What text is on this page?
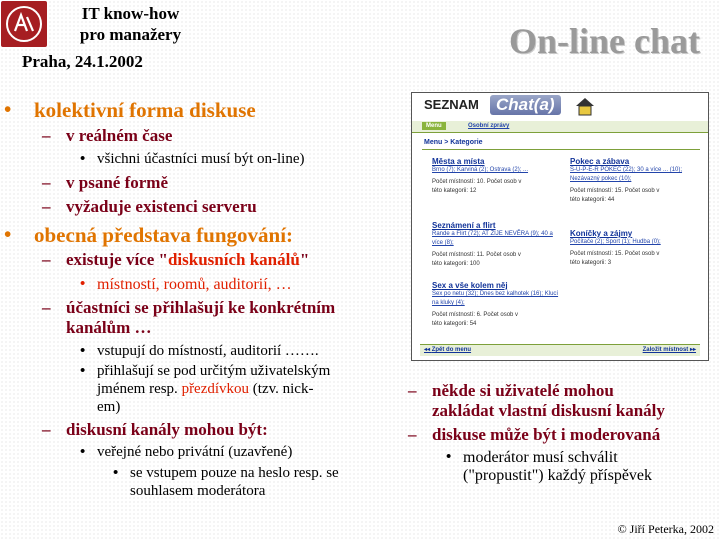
IT know-how
pro manažery
Praha, 24.1.2002
On-line chat
• kolektivní forma diskuse
– v reálném čase
• všichni účastníci musí být on-line)
– v psané formě
– vyžaduje existenci serveru
• obecná představa fungování:
– existuje více "diskusních kanálů"
• místností, roomů, auditorií, …
– účastníci se přihlašují ke konkrétním
kanálům …
• vstupují do místností, auditorií …….
• přihlašují se pod určitým uživatelským
jménem resp. přezdívkou (tzv. nick-
em)
– diskusní kanály mohou být:
• veřejné nebo privátní (uzavřené)
• se vstupem pouze na heslo resp. se
souhlasem moderátora
SEZNAM	Chat(a)
Menu	Osobní zprávy
Menu > Kategorie
Města a místa
Brno (7); Karviná (2); Ostrava (2); ...
Počet místností: 10. Počet osob v
této kategorii: 12
Pokec a zábava
S-U-P-E-R POKEC (22); 30 a více ... (10); Nezávazný pokec (10);
Počet místností: 15. Počet osob v
této kategorii: 44
Seznámení a flirt
Rande a Flirt (72); AT ŽIJE NEVĚRA (9); 40 a více (8);
Počet místností: 11. Počet osob v
této kategorii: 100
Koníčky a zájmy
Počítače (2); Sport (1); Hudba (0);
Počet místností: 15. Počet osob v
této kategorii: 3
Sex a vše kolem něj
Sex po netu (32); Dnes bez kalhotek (16); Klucí na kluky (4);
Počet místností: 6. Počet osob v
této kategorii: 54
◂◂ Zpět do menu	Založit místnost ▸▸
– někde si uživatelé mohou
zakládat vlastní diskusní kanály
– diskuse může být i moderovaná
• moderátor musí schválit
("propustit") každý příspěvek
© Jiří Peterka, 2002
